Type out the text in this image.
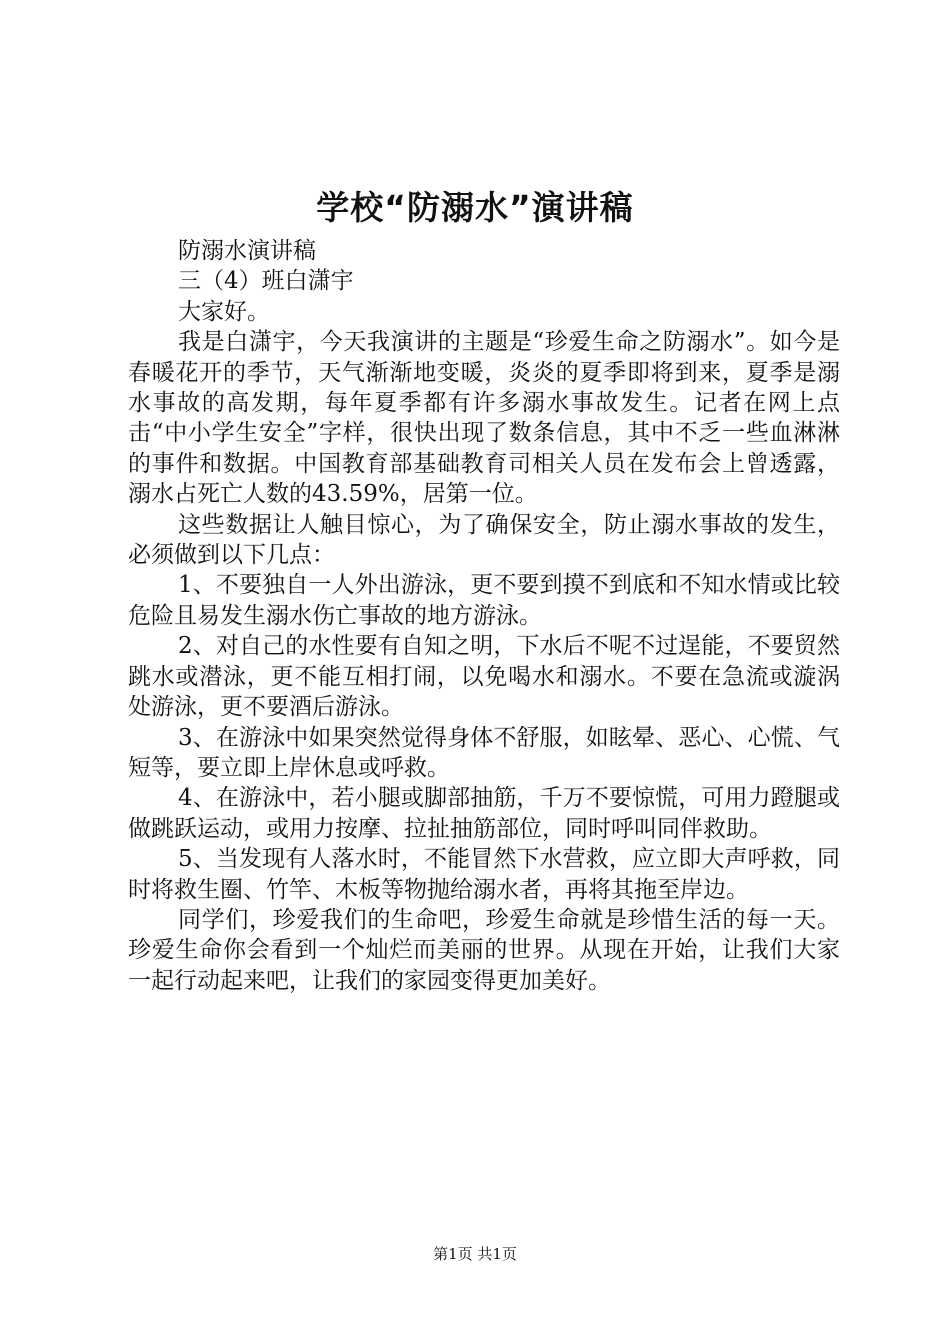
学校“防溺水”演讲稿

防溺水演讲稿

三（4）班白潇宇

大家好。

我是白潇宇，今天我演讲的主题是“珍爱生命之防溺水”。如今是春暖花开的季节，天气渐渐地变暖，炎炎的夏季即将到来，夏季是溺水事故的高发期，每年夏季都有许多溺水事故发生。记者在网上点击“中小学生安全”字样，很快出现了数条信息，其中不乏一些血淋淋的事件和数据。中国教育部基础教育司相关人员在发布会上曾透露，溺水占死亡人数的43.59%，居第一位。

这些数据让人触目惊心，为了确保安全，防止溺水事故的发生，必须做到以下几点：

1、不要独自一人外出游泳，更不要到摸不到底和不知水情或比较危险且易发生溺水伤亡事故的地方游泳。

2、对自己的水性要有自知之明，下水后不呢不过逞能，不要贸然跳水或潜泳，更不能互相打闹，以免喝水和溺水。不要在急流或漩涡处游泳，更不要酒后游泳。

3、在游泳中如果突然觉得身体不舒服，如眩晕、恶心、心慌、气短等，要立即上岸休息或呼救。

4、在游泳中，若小腿或脚部抽筋，千万不要惊慌，可用力蹬腿或做跳跃运动，或用力按摩、拉扯抽筋部位，同时呼叫同伴救助。

5、当发现有人落水时，不能冒然下水营救，应立即大声呼救，同时将救生圈、竹竿、木板等物抛给溺水者，再将其拖至岸边。

同学们，珍爱我们的生命吧，珍爱生命就是珍惜生活的每一天。珍爱生命你会看到一个灿烂而美丽的世界。从现在开始，让我们大家一起行动起来吧，让我们的家园变得更加美好。

第1页 共1页
